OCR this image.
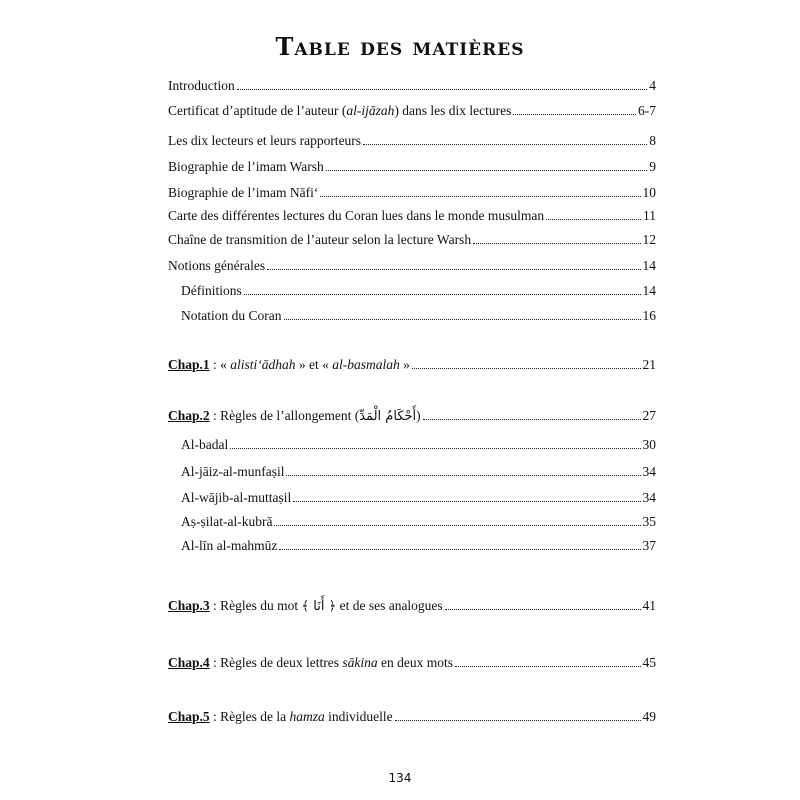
Table des matières
Introduction	4
Certificat d’aptitude de l’auteur (al-ijāzah) dans les dix lectures	6-7
Les dix lecteurs et leurs rapporteurs	8
Biographie de l’imam Warsh	9
Biographie de l’imam Nāfi‘	10
Carte des différentes lectures du Coran lues dans le monde musulman	11
Chaîne de transmition de l’auteur selon la lecture Warsh	12
Notions générales	14
Définitions	14
Notation du Coran	16
Chap.1 : « alisti‘ādhah » et « al-basmalah »	21
Chap.2 : Règles de l’allongement (أَحْكَامُ الْمَدِّ)	27
Al-badal	30
Al-jāiz-al-munfaṣil	34
Al-wājib-al-muttaṣil	34
Aṣ-ṣilat-al-kubrā	35
Al-līn al-mahmūz	37
Chap.3 : Règles du mot ﴿ أَنَا ﴾ et de ses analogues	41
Chap.4 : Règles de deux lettres sākina en deux mots	45
Chap.5 : Règles de la hamza individuelle	49
134
